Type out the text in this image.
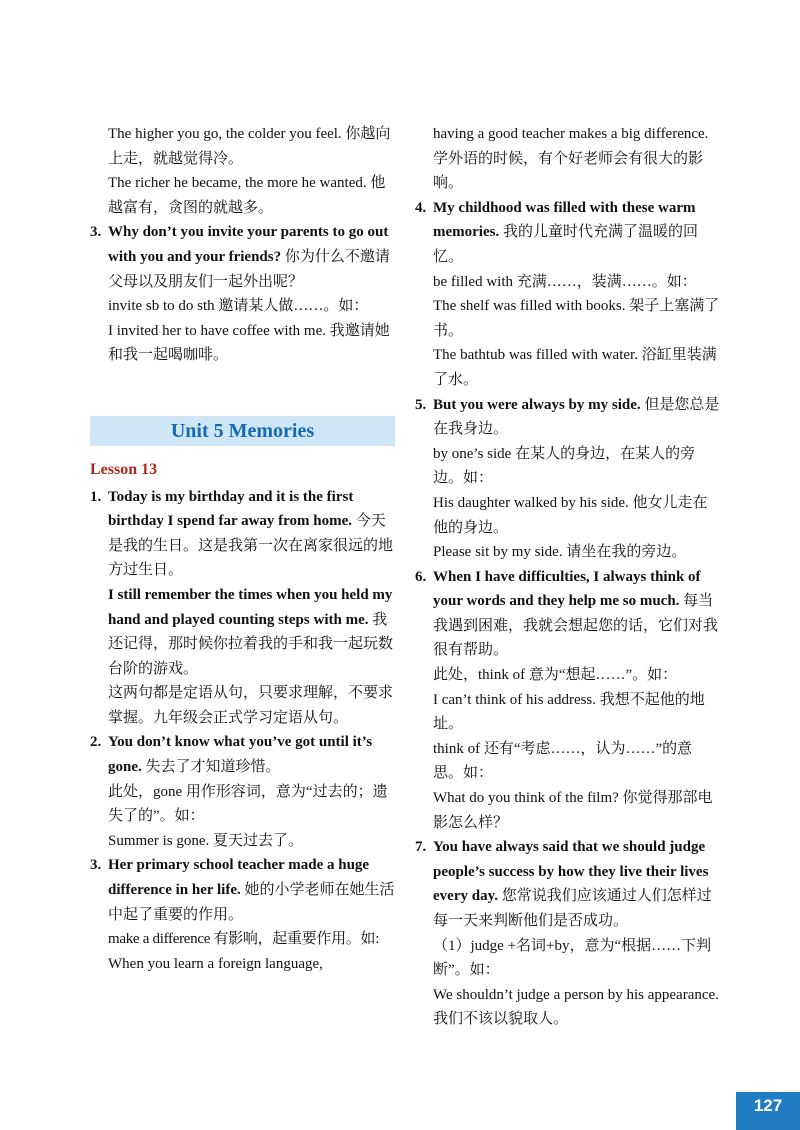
The higher you go, the colder you feel. 你越向上走，就越觉得冷。

The richer he became, the more he wanted. 他越富有，贪图的就越多。

3. Why don’t you invite your parents to go out with you and your friends? 你为什么不邀请父母以及朋友们一起外出呢？

invite sb to do sth 邀请某人做……。如：

I invited her to have coffee with me. 我邀请她和我一起喝咖啡。

Unit 5 Memories
Lesson 13
1. Today is my birthday and it is the first birthday I spend far away from home. 今天是我的生日。这是我第一次在离家很远的地方过生日。
I still remember the times when you held my hand and played counting steps with me. 我还记得，那时候你拉着我的手和我一起玩数台阶的游戏。

这两句都是定语从句，只要求理解，不要求掌握。九年级会正式学习定语从句。

2. You don’t know what you’ve got until it’s gone. 失去了才知道珍惜。

此处，gone 用作形容词，意为“过去的；遗失了的”。如：

Summer is gone. 夏天过去了。

3. Her primary school teacher made a huge difference in her life. 她的小学老师在她生活中起了重要的作用。

make a difference 有影响，起重要作用。如:

When you learn a foreign language,

having a good teacher makes a big difference. 学外语的时候，有个好老师会有很大的影响。

4. My childhood was filled with these warm memories. 我的儿童时代充满了温暖的回忆。

be filled with 充满……，装满……。如：

The shelf was filled with books. 架子上塞满了书。

The bathtub was filled with water. 浴缸里装满了水。

5. But you were always by my side. 但是您总是在我身边。

by one’s side 在某人的身边，在某人的旁边。如：

His daughter walked by his side. 他女儿走在他的身边。

Please sit by my side. 请坐在我的旁边。

6. When I have difficulties, I always think of your words and they help me so much. 每当我遇到困难，我就会想起您的话，它们对我很有帮助。

此处，think of 意为“想起……”。如：

I can’t think of his address. 我想不起他的地址。

think of 还有“考虑……，认为……”的意思。如：

What do you think of the film? 你觉得那部电影怎么样？

7. You have always said that we should judge people’s success by how they live their lives every day. 您常说我们应该通过人们怎样过每一天来判断他们是否成功。

（1）judge +名词+by，意为“根据……下判断”。如：

We shouldn’t judge a person by his appearance. 我们不该以貌取人。

127
